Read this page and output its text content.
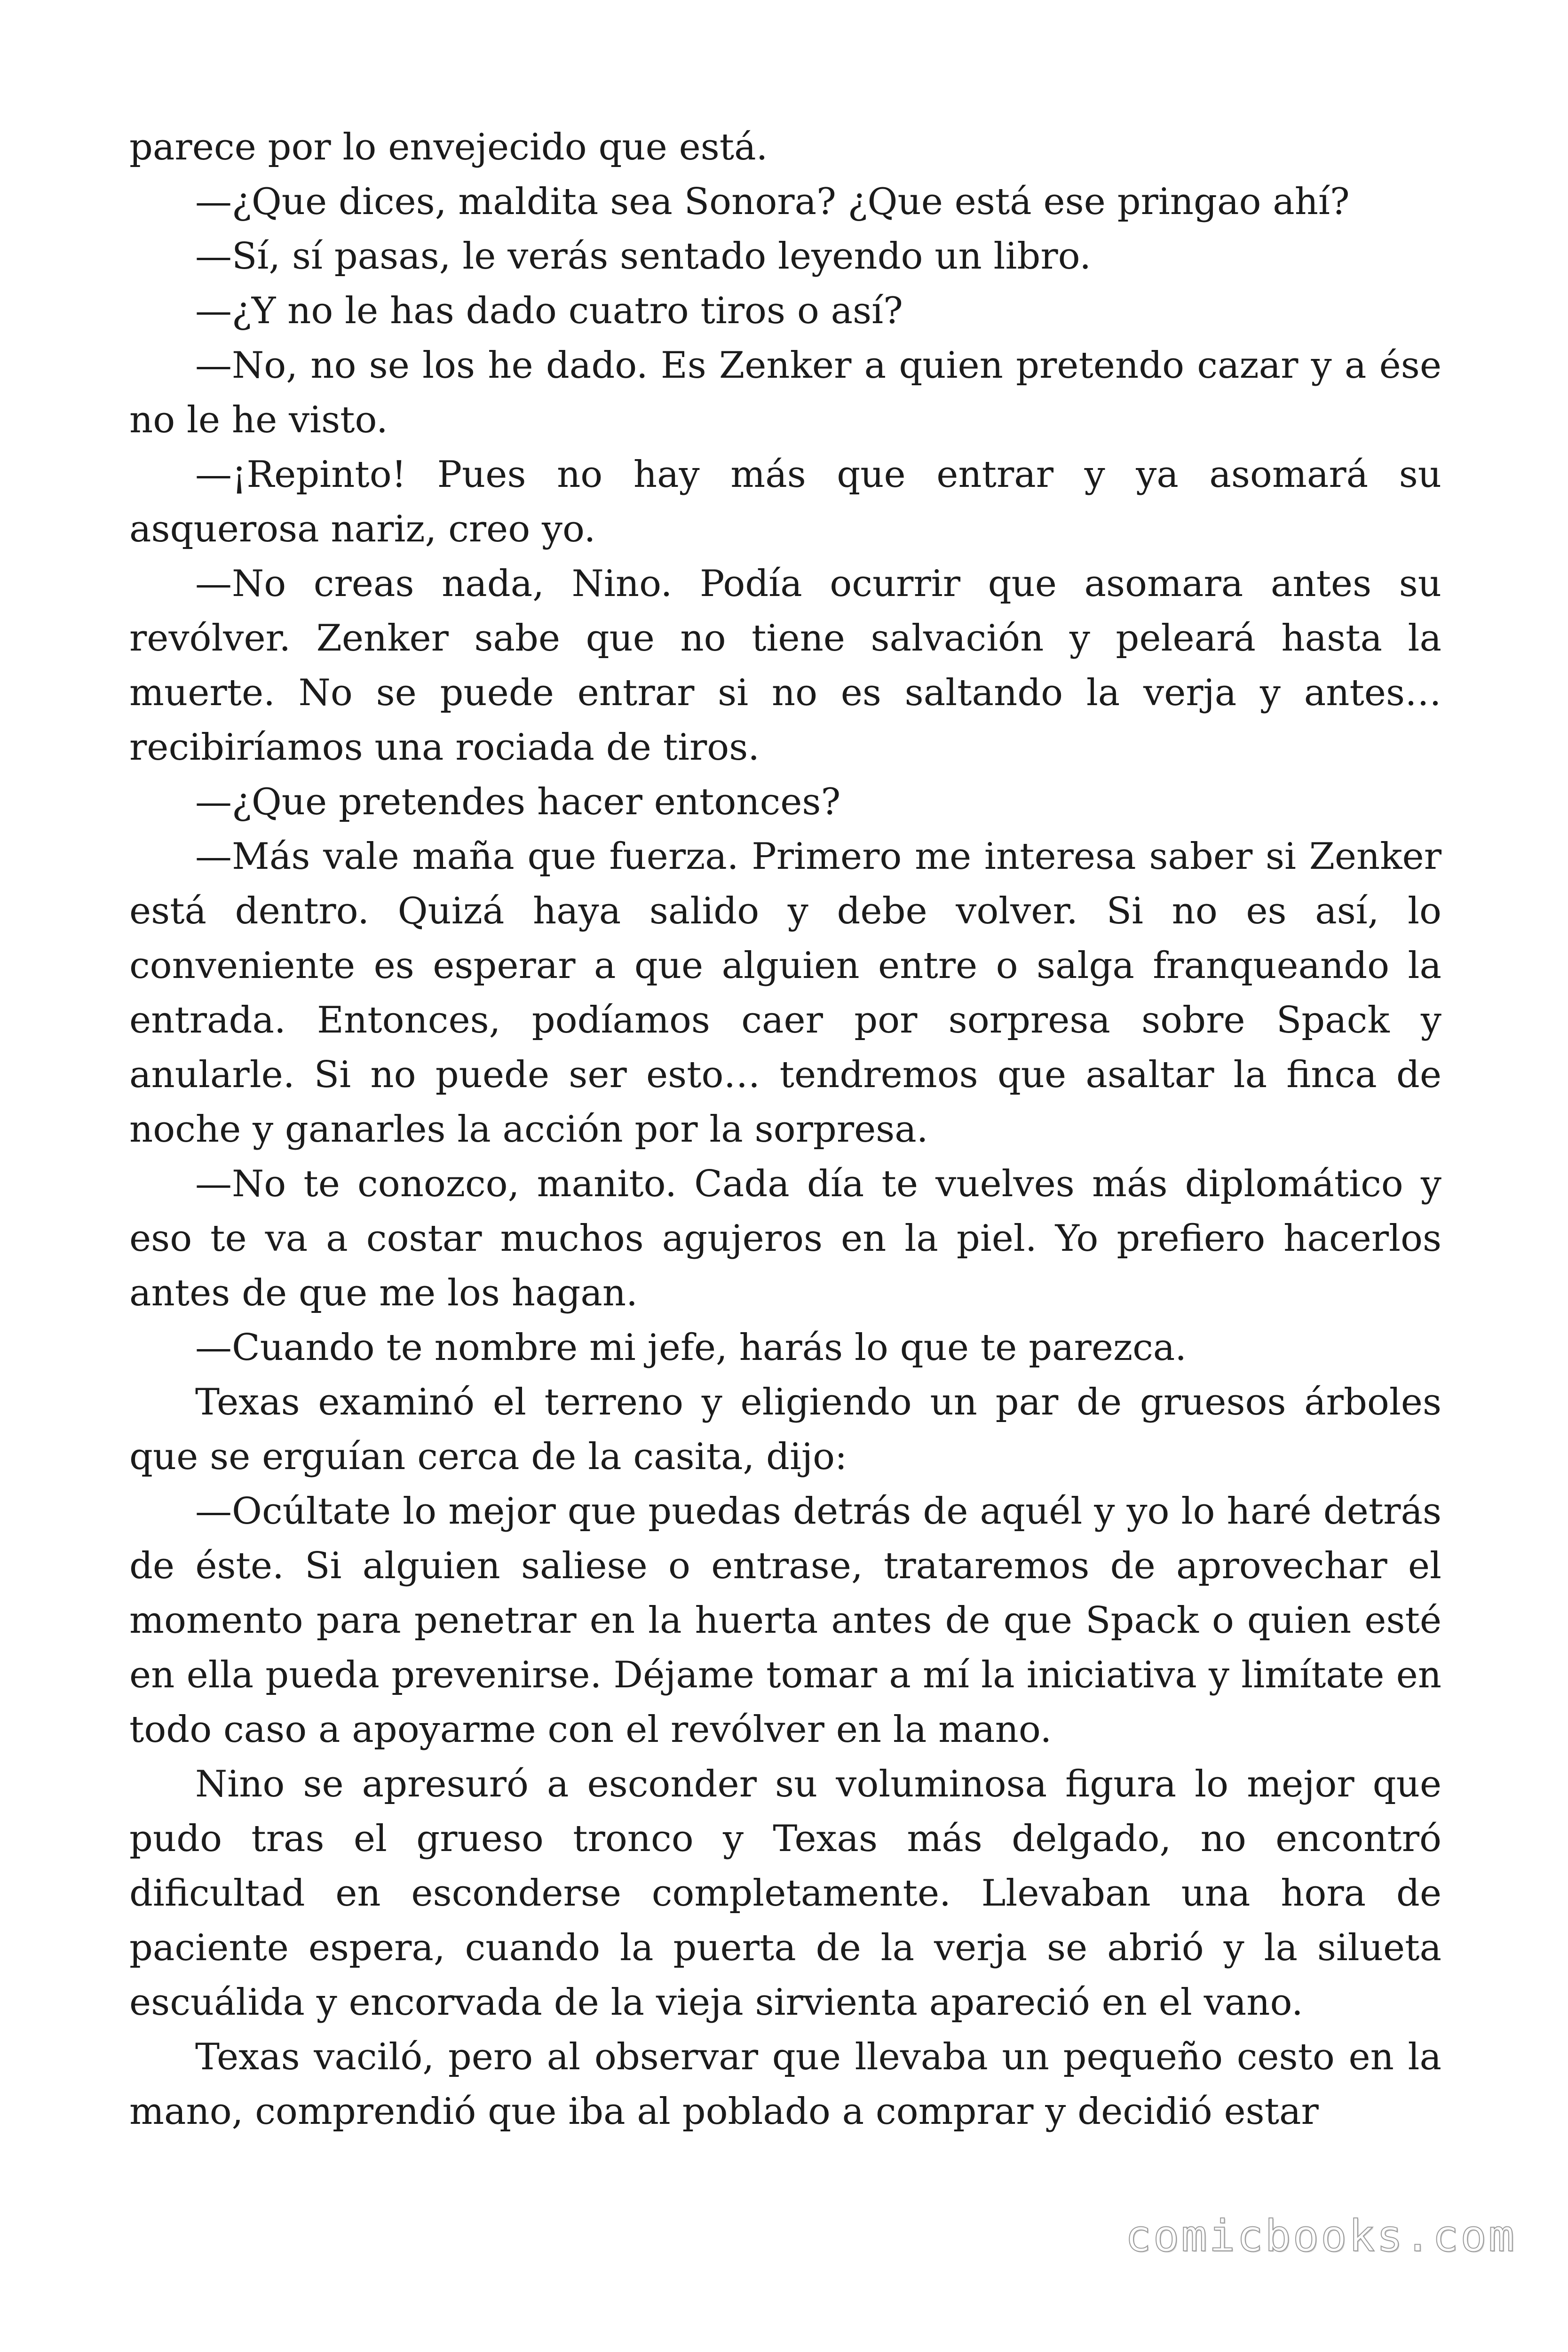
parece por lo envejecido que está.

—¿Que dices, maldita sea Sonora? ¿Que está ese pringao ahí?

—Sí, sí pasas, le verás sentado leyendo un libro.

—¿Y no le has dado cuatro tiros o así?

—No, no se los he dado. Es Zenker a quien pretendo cazar y a ése no le he visto.

—¡Repinto! Pues no hay más que entrar y ya asomará su asquerosa nariz, creo yo.

—No creas nada, Nino. Podía ocurrir que asomara antes su revólver. Zenker sabe que no tiene salvación y peleará hasta la muerte. No se puede entrar si no es saltando la verja y antes… recibiríamos una rociada de tiros.

—¿Que pretendes hacer entonces?

—Más vale maña que fuerza. Primero me interesa saber si Zenker está dentro. Quizá haya salido y debe volver. Si no es así, lo conveniente es esperar a que alguien entre o salga franqueando la entrada. Entonces, podíamos caer por sorpresa sobre Spack y anularle. Si no puede ser esto… tendremos que asaltar la finca de noche y ganarles la acción por la sorpresa.

—No te conozco, manito. Cada día te vuelves más diplomático y eso te va a costar muchos agujeros en la piel. Yo prefiero hacerlos antes de que me los hagan.

—Cuando te nombre mi jefe, harás lo que te parezca.

Texas examinó el terreno y eligiendo un par de gruesos árboles que se erguían cerca de la casita, dijo:

—Ocúltate lo mejor que puedas detrás de aquél y yo lo haré detrás de éste. Si alguien saliese o entrase, trataremos de aprovechar el momento para penetrar en la huerta antes de que Spack o quien esté en ella pueda prevenirse. Déjame tomar a mí la iniciativa y limítate en todo caso a apoyarme con el revólver en la mano.

Nino se apresuró a esconder su voluminosa figura lo mejor que pudo tras el grueso tronco y Texas más delgado, no encontró dificultad en esconderse completamente. Llevaban una hora de paciente espera, cuando la puerta de la verja se abrió y la silueta escuálida y encorvada de la vieja sirvienta apareció en el vano.

Texas vaciló, pero al observar que llevaba un pequeño cesto en la mano, comprendió que iba al poblado a comprar y decidió estar

comicbooks.com
